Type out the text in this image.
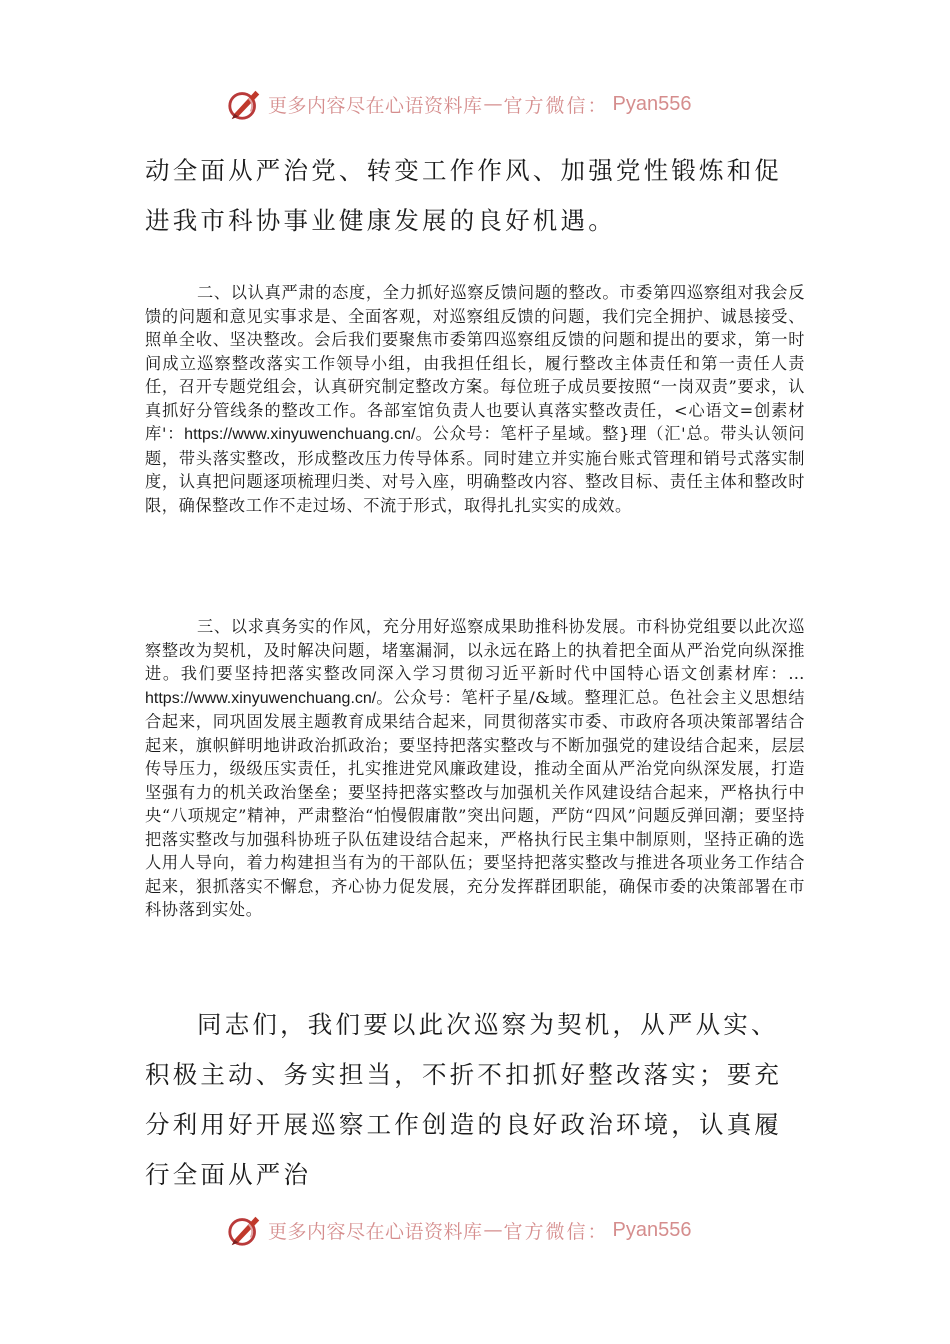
更多内容尽在心语资料库 — 官方微信： Pyan556

动全面从严治党、转变工作作风、加强党性锻炼和促进我市科协事业健康发展的良好机遇。

二、以认真严肃的态度，全力抓好巡察反馈问题的整改。市委第四巡察组对我会反馈的问题和意见实事求是、全面客观，对巡察组反馈的问题，我们完全拥护、诚恳接受、照单全收、坚决整改。会后我们要聚焦市委第四巡察组反馈的问题和提出的要求，第一时间成立巡察整改落实工作领导小组，由我担任组长，履行整改主体责任和第一责任人责任，召开专题党组会，认真研究制定整改方案。每位班子成员要按照“一岗双责”要求，认真抓好分管线条的整改工作。各部室馆负责人也要认真落实整改责任，<心语文=创素材库'：https://www.xinyuwenchuang.cn/。公众号：笔杆子星域。整}理（汇'总。带头认领问题，带头落实整改，形成整改压力传导体系。同时建立并实施台账式管理和销号式落实制度，认真把问题逐项梳理归类、对号入座，明确整改内容、整改目标、责任主体和整改时限，确保整改工作不走过场、不流于形式，取得扎扎实实的成效。

三、以求真务实的作风，充分用好巡察成果助推科协发展。市科协党组要以此次巡察整改为契机，及时解决问题，堵塞漏洞，以永远在路上的执着把全面从严治党向纵深推进。我们要坚持把落实整改同深入学习贯彻习近平新时代中国特心语文创素材库：…https://www.xinyuwenchuang.cn/。公众号：笔杆子星/&域。整理汇总。色社会主义思想结合起来，同巩固发展主题教育成果结合起来，同贯彻落实市委、市政府各项决策部署结合起来，旗帜鲜明地讲政治抓政治；要坚持把落实整改与不断加强党的建设结合起来，层层传导压力，级级压实责任，扎实推进党风廉政建设，推动全面从严治党向纵深发展，打造坚强有力的机关政治堡垒；要坚持把落实整改与加强机关作风建设结合起来，严格执行中央“八项规定”精神，严肃整治“怕慢假庸散”突出问题，严防“四风”问题反弹回潮；要坚持把落实整改与加强科协班子队伍建设结合起来，严格执行民主集中制原则，坚持正确的选人用人导向，着力构建担当有为的干部队伍；要坚持把落实整改与推进各项业务工作结合起来，狠抓落实不懈怠，齐心协力促发展，充分发挥群团职能，确保市委的决策部署在市科协落到实处。

同志们，我们要以此次巡察为契机，从严从实、积极主动、务实担当，不折不扣抓好整改落实；要充分利用好开展巡察工作创造的良好政治环境，认真履行全面从严治

更多内容尽在心语资料库 — 官方微信： Pyan556
